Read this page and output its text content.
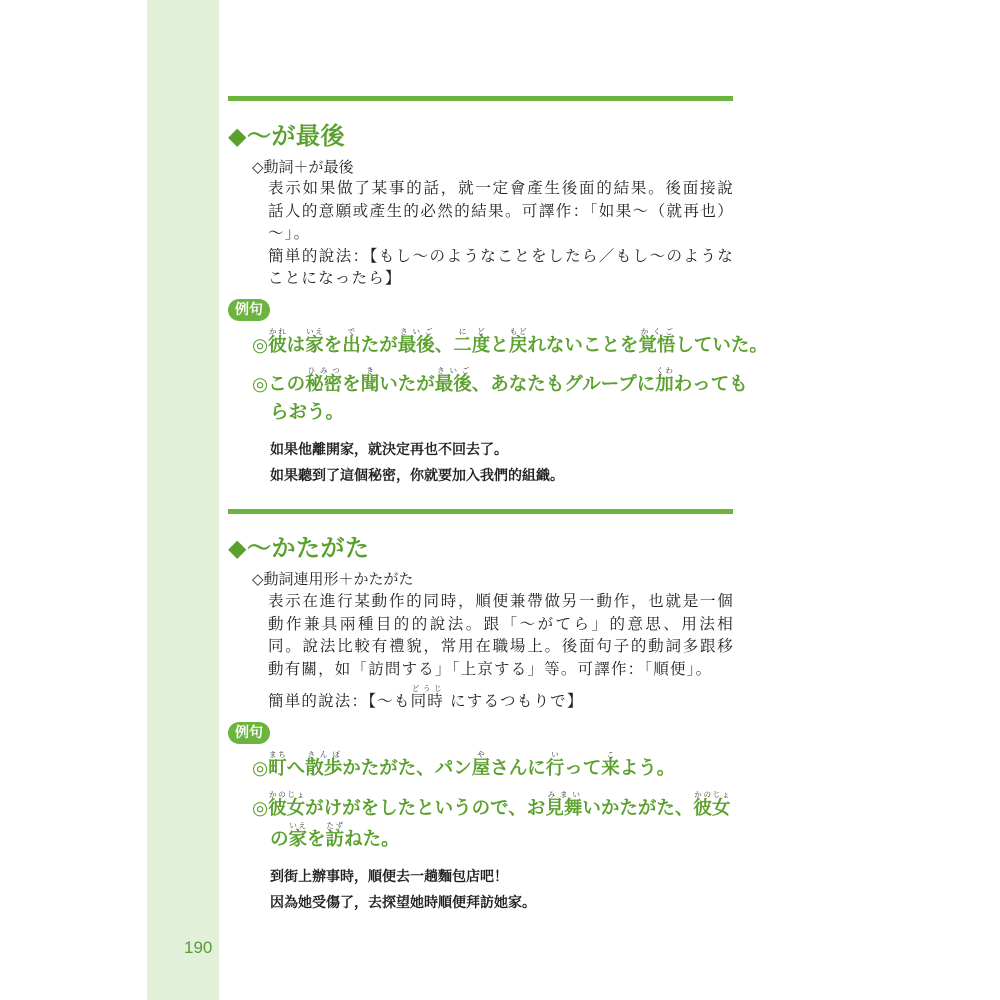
190
◆～が最後
◇動詞＋が最後

表示如果做了某事的話，就一定會產生後面的結果。後面接說話人的意願或產生的必然的結果。可譯作：「如果～（就再也）～」。

簡単的說法：【もし～のようなことをしたら／もし～のようなことになったら】

例句
◎彼かれは家いえを出でたが最後さいご、二度にどと戻もどれないことを覚悟かくごしていた。
◎この秘密ひみつを聞きいたが最後さいご、あなたもグループに加くわわっても
らおう。
如果他離開家，就決定再也不回去了。
如果聽到了這個秘密，你就要加入我們的組織。
◆～かたがた
◇動詞連用形＋かたがた

表示在進行某動作的同時，順便兼帶做另一動作，也就是一個動作兼具兩種目的的說法。跟「～がてら」的意思、用法相同。說法比較有禮貌，常用在職場上。後面句子的動詞多跟移動有關，如「訪問する」「上京する」等。可譯作：「順便」。

簡単的說法：【～も同時どうじ にするつもりで】

例句
◎町まちへ散歩さんぽかたがた、パン屋やさんに行いって来こよう。
◎彼女かのじょがけがをしたというので、お見舞みまいいかたがた、彼女かのじょ
の家いえを訪たずねた。
到街上辦事時，順便去一趟麵包店吧！
因為她受傷了，去探望她時順便拜訪她家。
